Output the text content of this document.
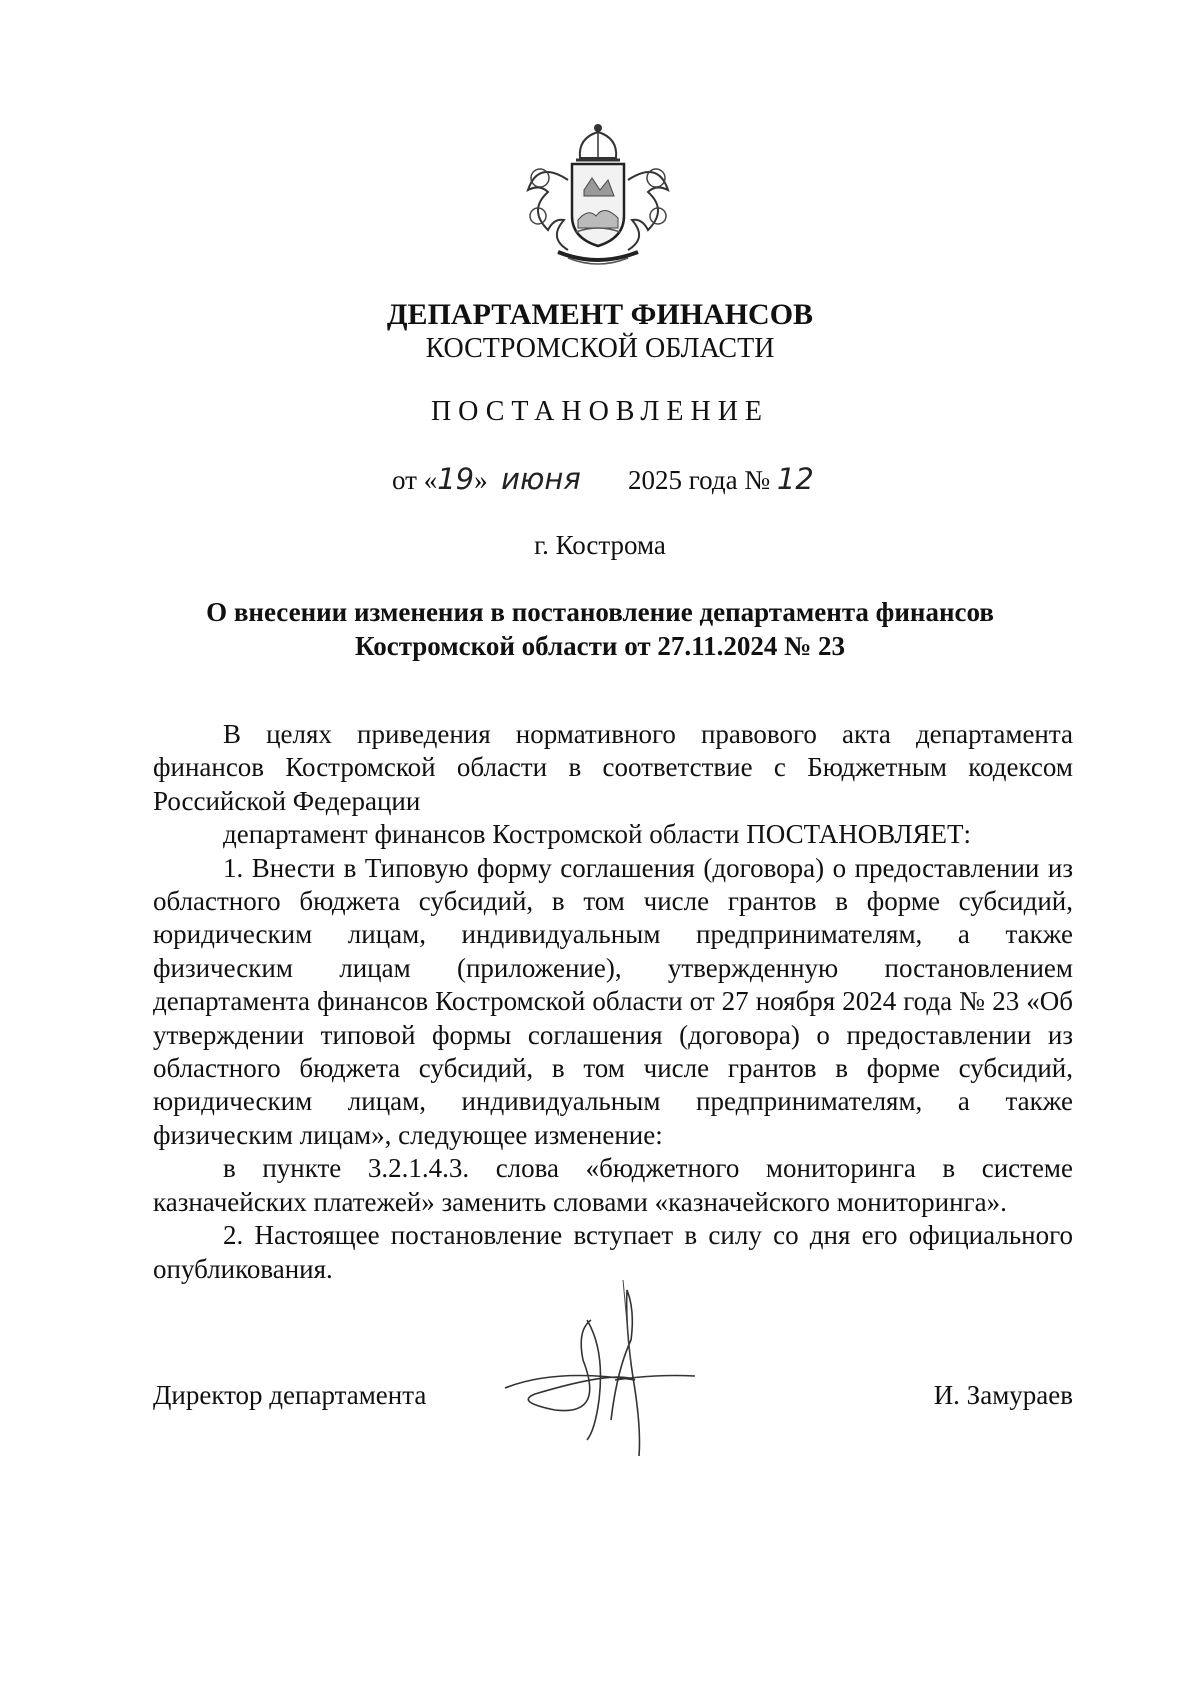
ДЕПАРТАМЕНТ ФИНАНСОВ
КОСТРОМСКОЙ ОБЛАСТИ
ПОСТАНОВЛЕНИЕ
от «19» июня 2025 года № 12
г. Кострома
О внесении изменения в постановление департамента финансов
Костромской области от 27.11.2024 № 23

В целях приведения нормативного правового акта департамента финансов Костромской области в соответствие с Бюджетным кодексом Российской Федерации

департамент финансов Костромской области ПОСТАНОВЛЯЕТ:

1. Внести в Типовую форму соглашения (договора) о предоставлении из областного бюджета субсидий, в том числе грантов в форме субсидий, юридическим лицам, индивидуальным предпринимателям, а также физическим лицам (приложение), утвержденную постановлением департамента финансов Костромской области от 27 ноября 2024 года № 23 «Об утверждении типовой формы соглашения (договора) о предоставлении из областного бюджета субсидий, в том числе грантов в форме субсидий, юридическим лицам, индивидуальным предпринимателям, а также физическим лицам», следующее изменение:

в пункте 3.2.1.4.3. слова «бюджетного мониторинга в системе казначейских платежей» заменить словами «казначейского мониторинга».

2. Настоящее постановление вступает в силу со дня его официального опубликования.

Директор департамента	И. Замураев
